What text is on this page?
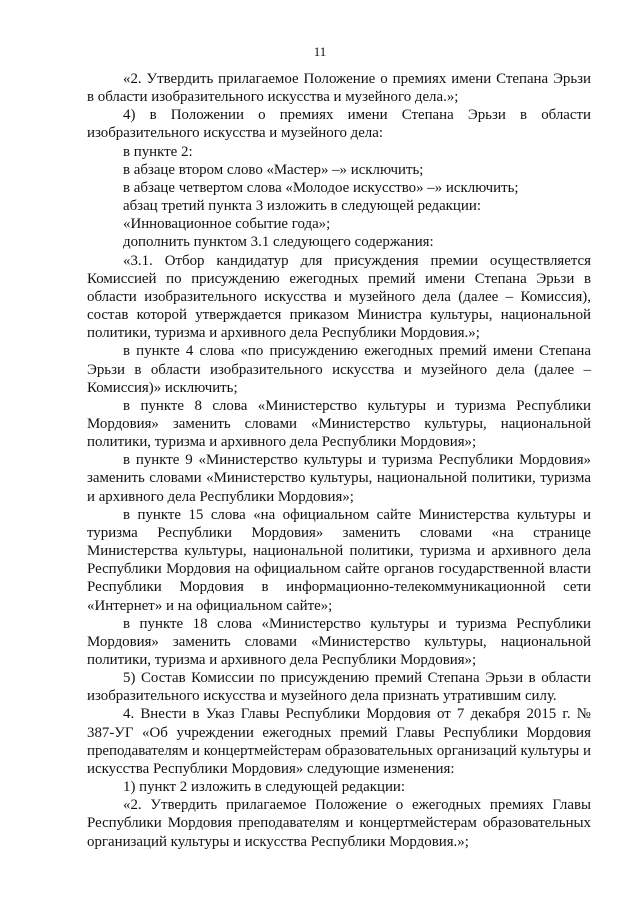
11

«2. Утвердить прилагаемое Положение о премиях имени Степана Эрьзи в области изобразительного искусства и музейного дела.»;

4) в Положении о премиях имени Степана Эрьзи в области изобразительного искусства и музейного дела:

в пункте 2:

в абзаце втором слово «Мастер» –» исключить;

в абзаце четвертом слова «Молодое искусство» –» исключить;

абзац третий пункта 3 изложить в следующей редакции:

«Инновационное событие года»;

дополнить пунктом 3.1 следующего содержания:

«3.1. Отбор кандидатур для присуждения премии осуществляется Комиссией по присуждению ежегодных премий имени Степана Эрьзи в области изобразительного искусства и музейного дела (далее – Комиссия), состав которой утверждается приказом Министра культуры, национальной политики, туризма и архивного дела Республики Мордовия.»;

в пункте 4 слова «по присуждению ежегодных премий имени Степана Эрьзи в области изобразительного искусства и музейного дела (далее – Комиссия)» исключить;

в пункте 8 слова «Министерство культуры и туризма Республики Мордовия» заменить словами «Министерство культуры, национальной политики, туризма и архивного дела Республики Мордовия»;

в пункте 9 «Министерство культуры и туризма Республики Мордовия» заменить словами «Министерство культуры, национальной политики, туризма и архивного дела Республики Мордовия»;

в пункте 15 слова «на официальном сайте Министерства культуры и туризма Республики Мордовия» заменить словами «на странице Министерства культуры, национальной политики, туризма и архивного дела Республики Мордовия на официальном сайте органов государственной власти Республики Мордовия в информационно-телекоммуникационной сети «Интернет» и на официальном сайте»;

в пункте 18 слова «Министерство культуры и туризма Республики Мордовия» заменить словами «Министерство культуры, национальной политики, туризма и архивного дела Республики Мордовия»;

5) Состав Комиссии по присуждению премий Степана Эрьзи в области изобразительного искусства и музейного дела признать утратившим силу.

4. Внести в Указ Главы Республики Мордовия от 7 декабря 2015 г. № 387-УГ «Об учреждении ежегодных премий Главы Республики Мордовия преподавателям и концертмейстерам образовательных организаций культуры и искусства Республики Мордовия» следующие изменения:

1) пункт 2 изложить в следующей редакции:

«2. Утвердить прилагаемое Положение о ежегодных премиях Главы Республики Мордовия преподавателям и концертмейстерам образовательных организаций культуры и искусства Республики Мордовия.»;
